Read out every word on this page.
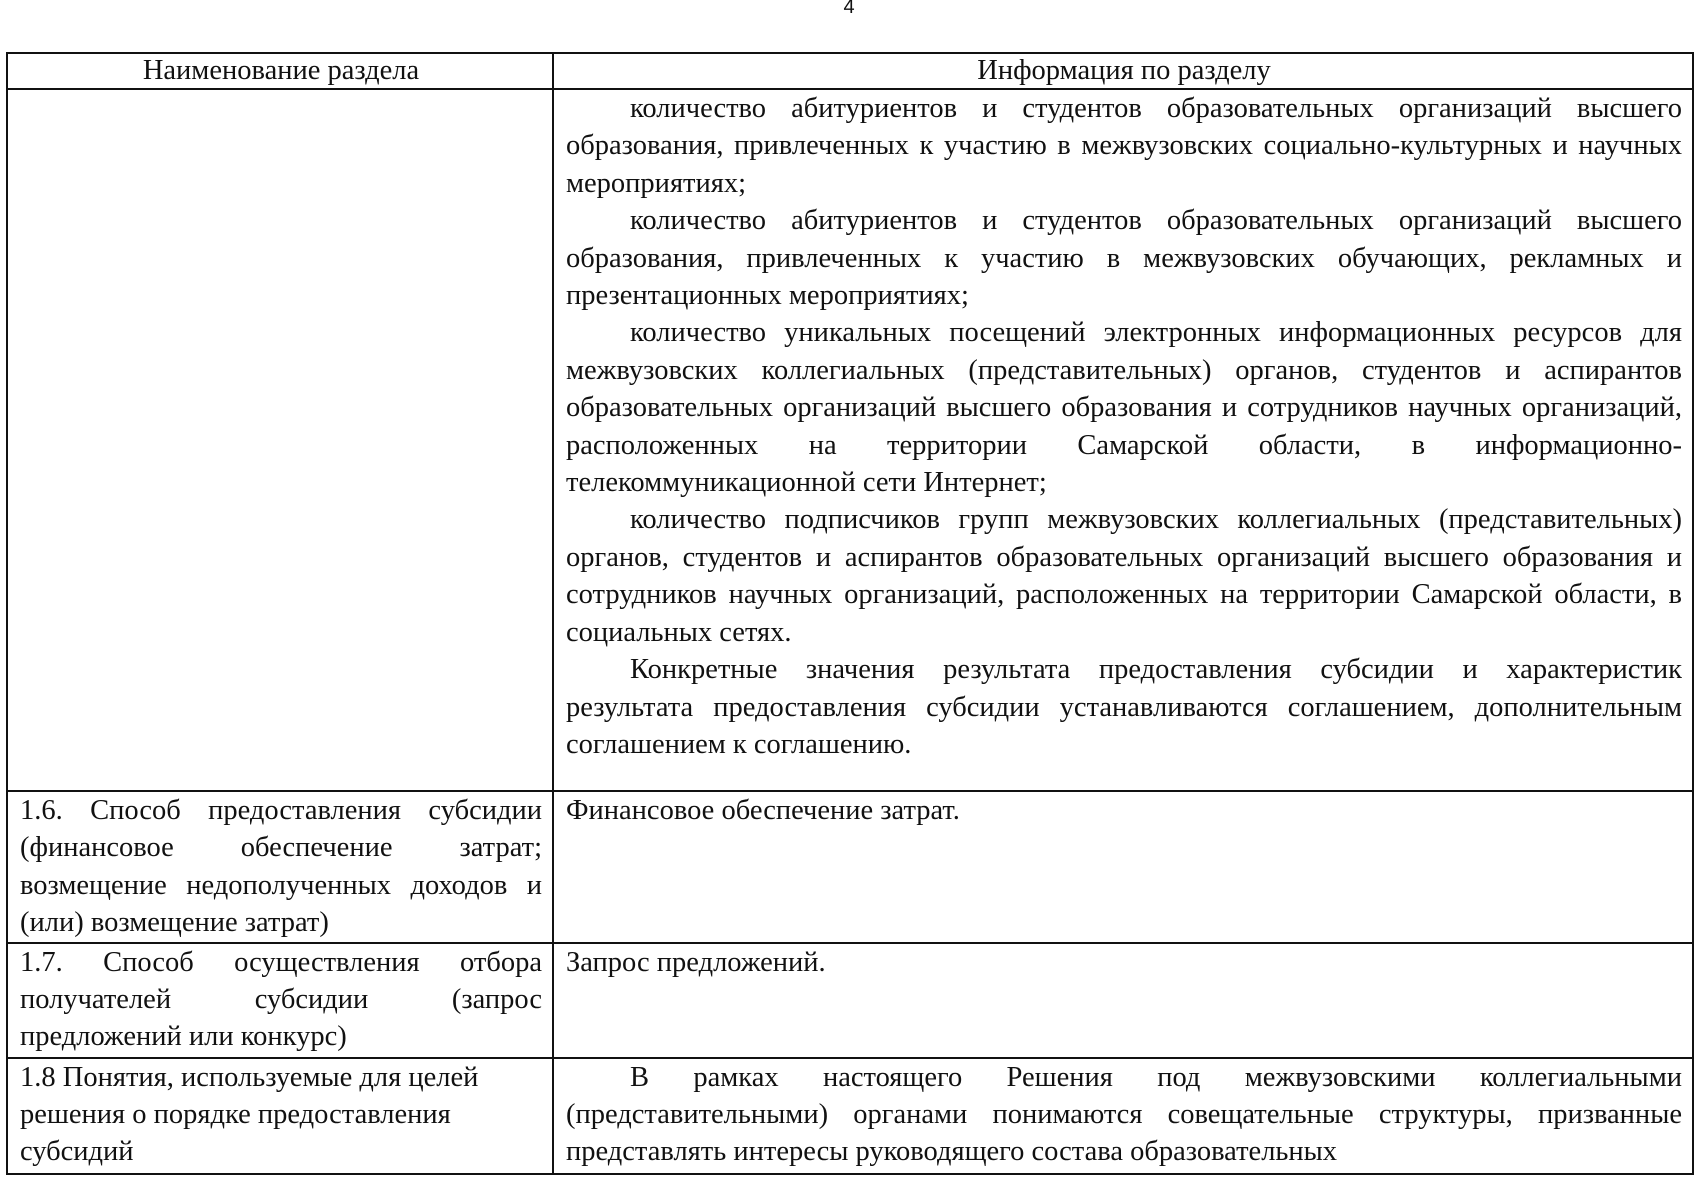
4
Наименование раздела	Информация по разделу

	количество абитуриентов и студентов образовательных организаций высшего образования, привлеченных к участию в межвузовских социально-культурных и научных мероприятиях;

количество абитуриентов и студентов образовательных организаций высшего образования, привлеченных к участию в межвузовских обучающих, рекламных и презентационных мероприятиях;

количество уникальных посещений электронных информационных ресурсов для межвузовских коллегиальных (представительных) органов, студентов и аспирантов образовательных организаций высшего образования и сотрудников научных организаций, расположенных на территории Самарской области, в информационно-телекоммуникационной сети Интернет;

количество подписчиков групп межвузовских коллегиальных (представительных) органов, студентов и аспирантов образовательных организаций высшего образования и сотрудников научных организаций, расположенных на территории Самарской области, в социальных сетях.

Конкретные значения результата предоставления субсидии и характеристик результата предоставления субсидии устанавливаются соглашением, дополнительным соглашением к соглашению.

1.6. Способ предоставления субсидии (финансовое обеспечение затрат; возмещение недополученных доходов и (или) возмещение затрат)	Финансовое обеспечение затрат.

1.7. Способ осуществления отбора получателей субсидии (запрос предложений или конкурс)	Запрос предложений.

1.8 Понятия, используемые для целей решения о порядке предоставления субсидий	В рамках настоящего Решения под межвузовскими коллегиальными (представительными) органами понимаются совещательные структуры, призванные представлять интересы руководящего состава образовательных
